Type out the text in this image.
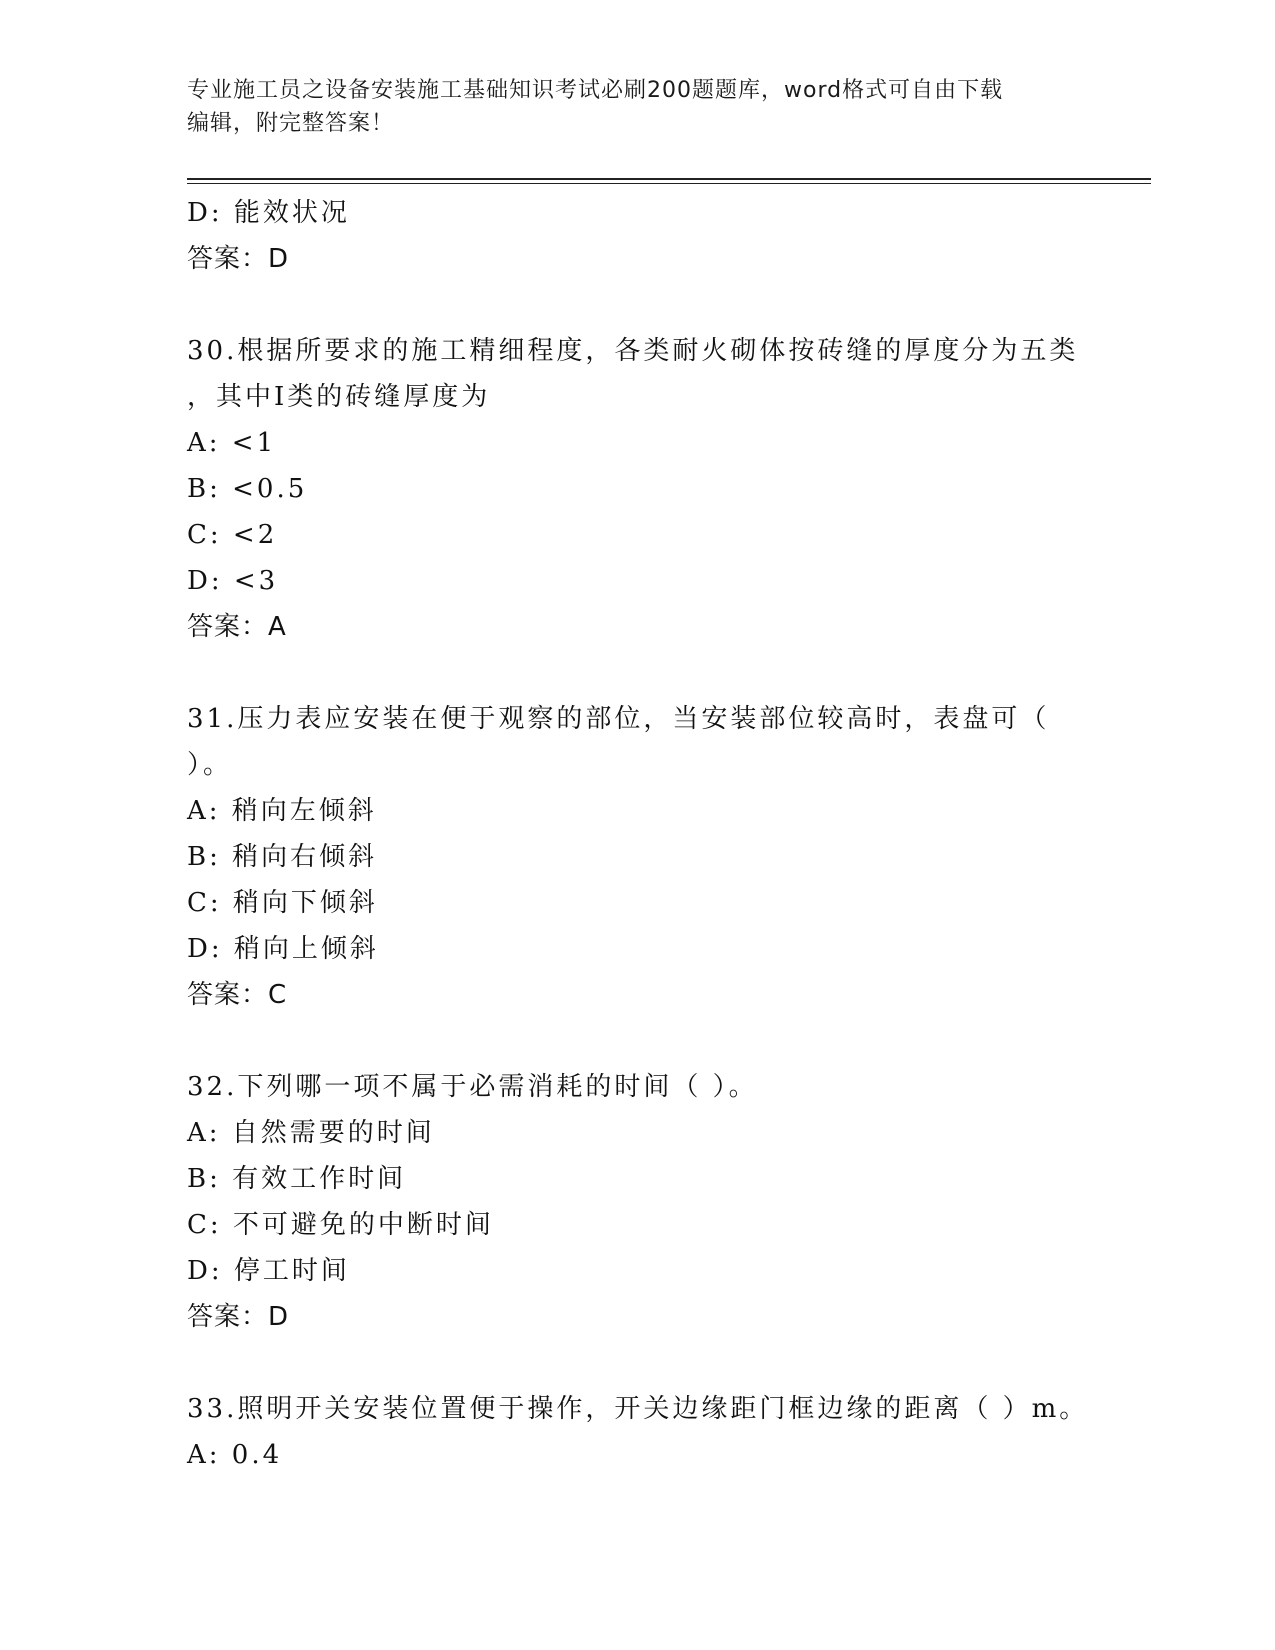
专业施工员之设备安装施工基础知识考试必刷200题题库，word格式可自由下载
编辑，附完整答案！
D: 能效状况
答案：D
30.根据所要求的施工精细程度，各类耐火砌体按砖缝的厚度分为五类
，其中Ⅰ类的砖缝厚度为
A: <1
B: <0.5
C: <2
D: <3
答案：A
31.压力表应安装在便于观察的部位，当安装部位较高时，表盘可（
）。
A: 稍向左倾斜
B: 稍向右倾斜
C: 稍向下倾斜
D: 稍向上倾斜
答案：C
32.下列哪一项不属于必需消耗的时间（ ）。
A: 自然需要的时间
B: 有效工作时间
C: 不可避免的中断时间
D: 停工时间
答案：D
33.照明开关安装位置便于操作，开关边缘距门框边缘的距离（ ）m。
A: 0.4
